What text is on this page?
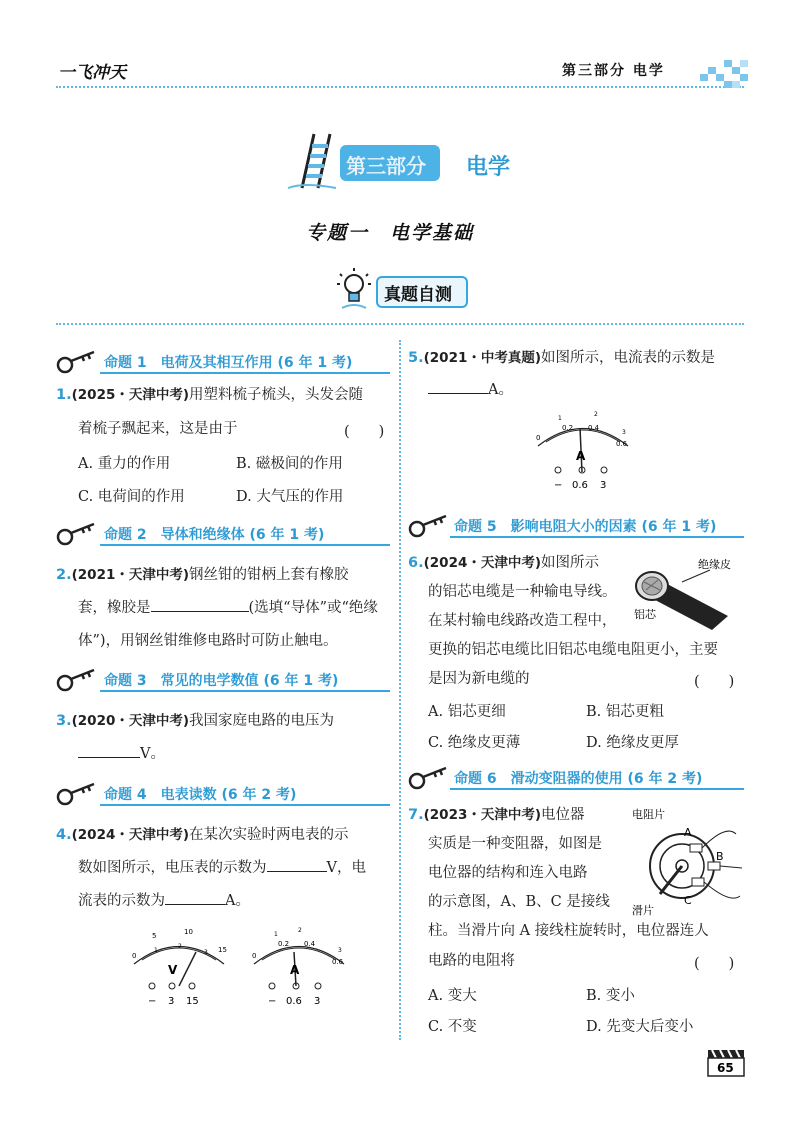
一飞冲天	第三部分 电学
第三部分 电学
专题一　电学基础
真题自测
命题 1　电荷及其相互作用 (6 年 1 考)
1.(2025・天津中考)用塑料梳子梳头，头发会随
着梳子飘起来，这是由于	(　　)
A. 重力的作用	B. 磁极间的作用
C. 电荷间的作用	D. 大气压的作用
命题 2　导体和绝缘体 (6 年 1 考)
2.(2021・天津中考)钢丝钳的钳柄上套有橡胶
套，橡胶是	(选填“导体”或“绝缘
体”)，用钢丝钳维修电路时可防止触电。
命题 3　常见的电学数值 (6 年 1 考)
3.(2020・天津中考)我国家庭电路的电压为
V。
命题 4　电表读数 (6 年 2 考)
4.(2024・天津中考)在某次实验时两电表的示
数如图所示，电压表的示数为	V，电
流表的示数为	A。
0
5	10
15
1
2
3
V
− 3 15
0
0.2 0.4
0.6
1
2
3
A
− 0.6 3
5.(2021・中考真题)如图所示，电流表的示数是
A。
0
0.2 0.4
0.6
1
2
3
A
− 0.6 3
命题 5　影响电阻大小的因素 (6 年 1 考)
6.(2024・天津中考)如图所示
的铝芯电缆是一种输电导线。
在某村输电线路改造工程中，
更换的铝芯电缆比旧铝芯电缆电阻更小，主要
是因为新电缆的	(　　)
绝缘皮
铝芯
A. 铝芯更细	B. 铝芯更粗
C. 绝缘皮更薄	D. 绝缘皮更厚
命题 6　滑动变阻器的使用 (6 年 2 考)
7.(2023・天津中考)电位器
实质是一种变阻器，如图是
电位器的结构和连入电路
的示意图，A、B、C 是接线
柱。当滑片向 A 接线柱旋转时，电位器连人
电路的电阻将	(　　)
电阻片
滑片
A
B
C
A. 变大	B. 变小
C. 不变	D. 先变大后变小
65
